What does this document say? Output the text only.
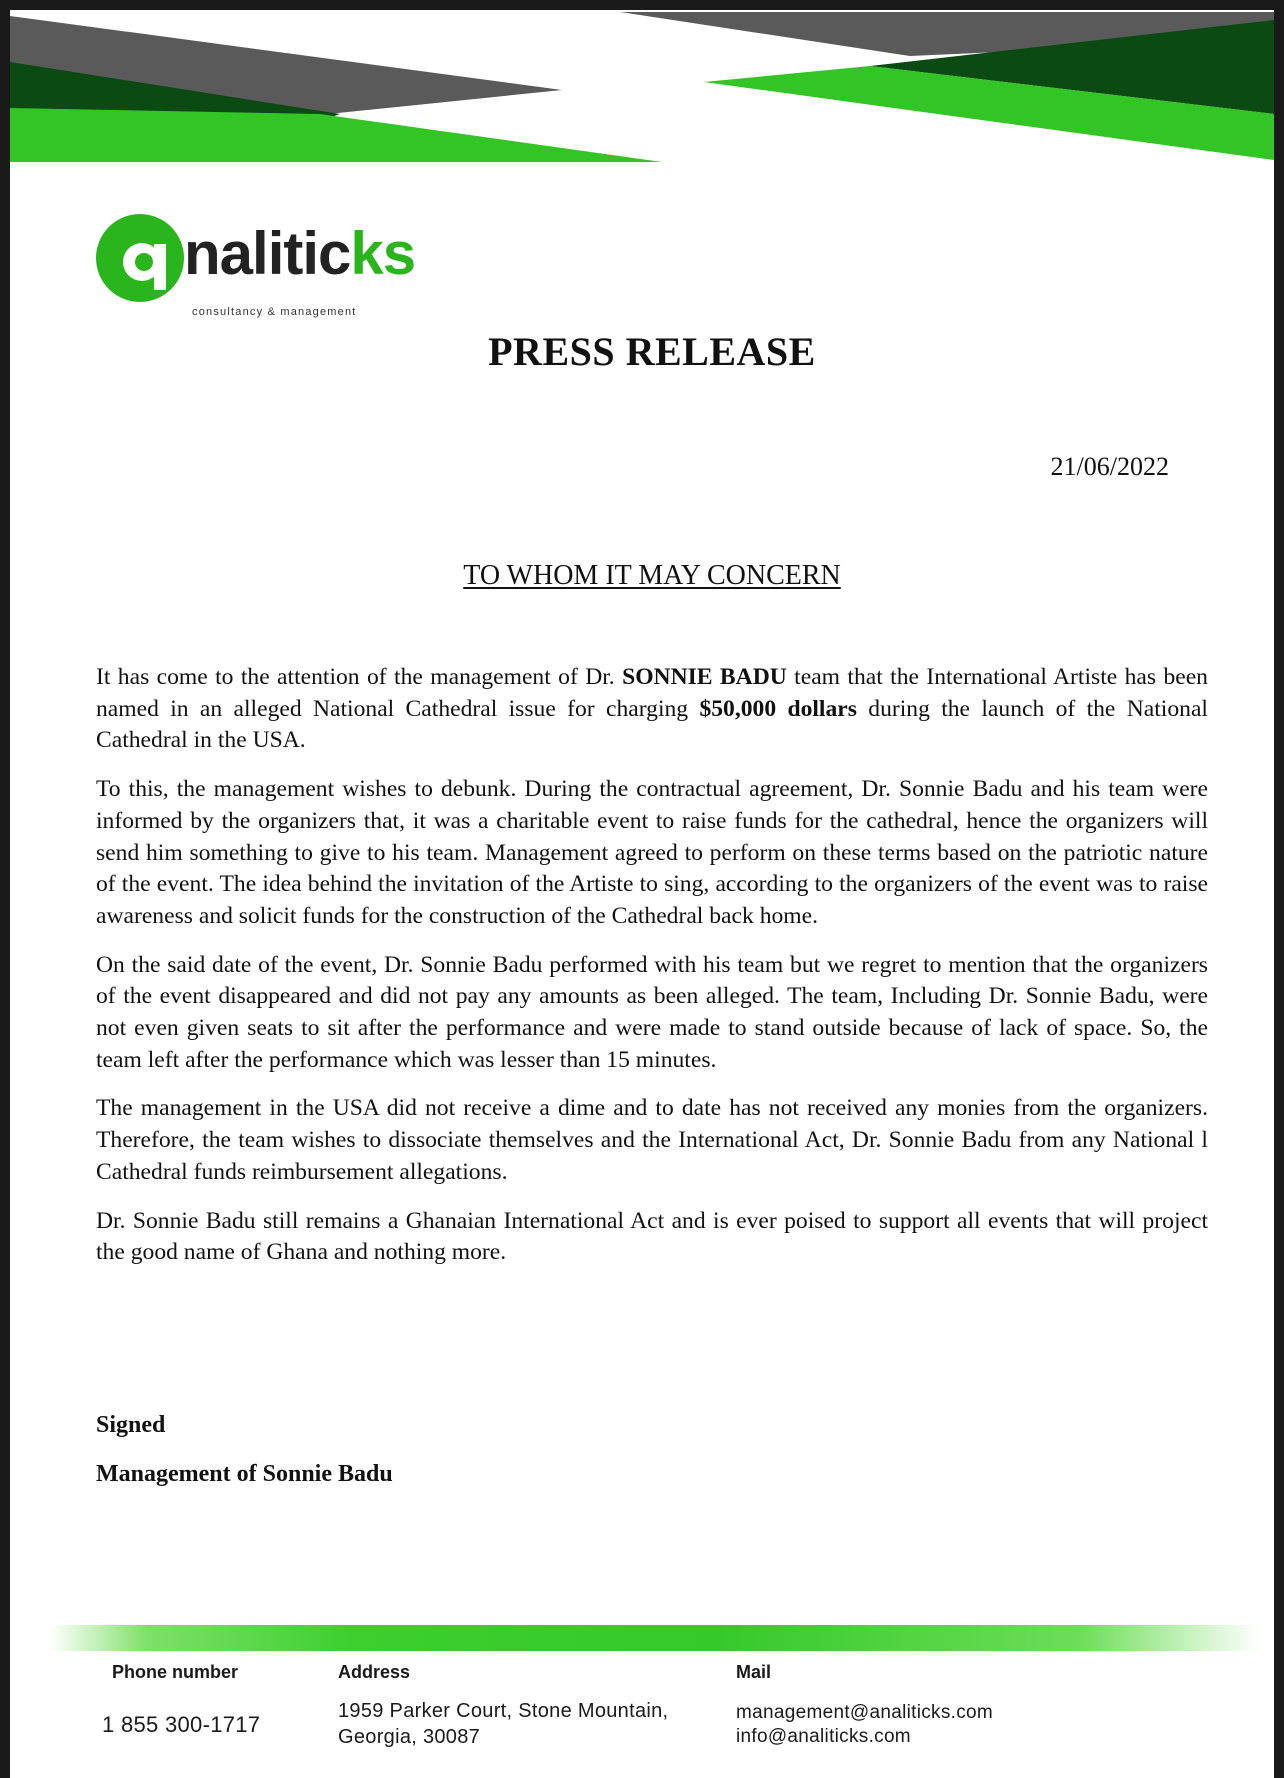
naliticks
consultancy & management
PRESS RELEASE
21/06/2022
TO WHOM IT MAY CONCERN

It has come to the attention of the management of Dr. SONNIE BADU team that the International Artiste has been named in an alleged National Cathedral issue for charging $50,000 dollars during the launch of the National Cathedral in the USA.

To this, the management wishes to debunk. During the contractual agreement, Dr. Sonnie Badu and his team were informed by the organizers that, it was a charitable event to raise funds for the cathedral, hence the organizers will send him something to give to his team. Management agreed to perform on these terms based on the patriotic nature of the event. The idea behind the invitation of the Artiste to sing, according to the organizers of the event was to raise awareness and solicit funds for the construction of the Cathedral back home.

On the said date of the event, Dr. Sonnie Badu performed with his team but we regret to mention that the organizers of the event disappeared and did not pay any amounts as been alleged. The team, Including Dr. Sonnie Badu, were not even given seats to sit after the performance and were made to stand outside because of lack of space. So, the team left after the performance which was lesser than 15 minutes.

The management in the USA did not receive a dime and to date has not received any monies from the organizers. Therefore, the team wishes to dissociate themselves and the International Act, Dr. Sonnie Badu from any National l Cathedral funds reimbursement allegations.

Dr. Sonnie Badu still remains a Ghanaian International Act and is ever poised to support all events that will project the good name of Ghana and nothing more.

Signed
Management of Sonnie Badu
Phone number
1 855 300-1717
Address
1959 Parker Court, Stone Mountain,
Georgia, 30087
Mail
management@analiticks.com
info@analiticks.com
